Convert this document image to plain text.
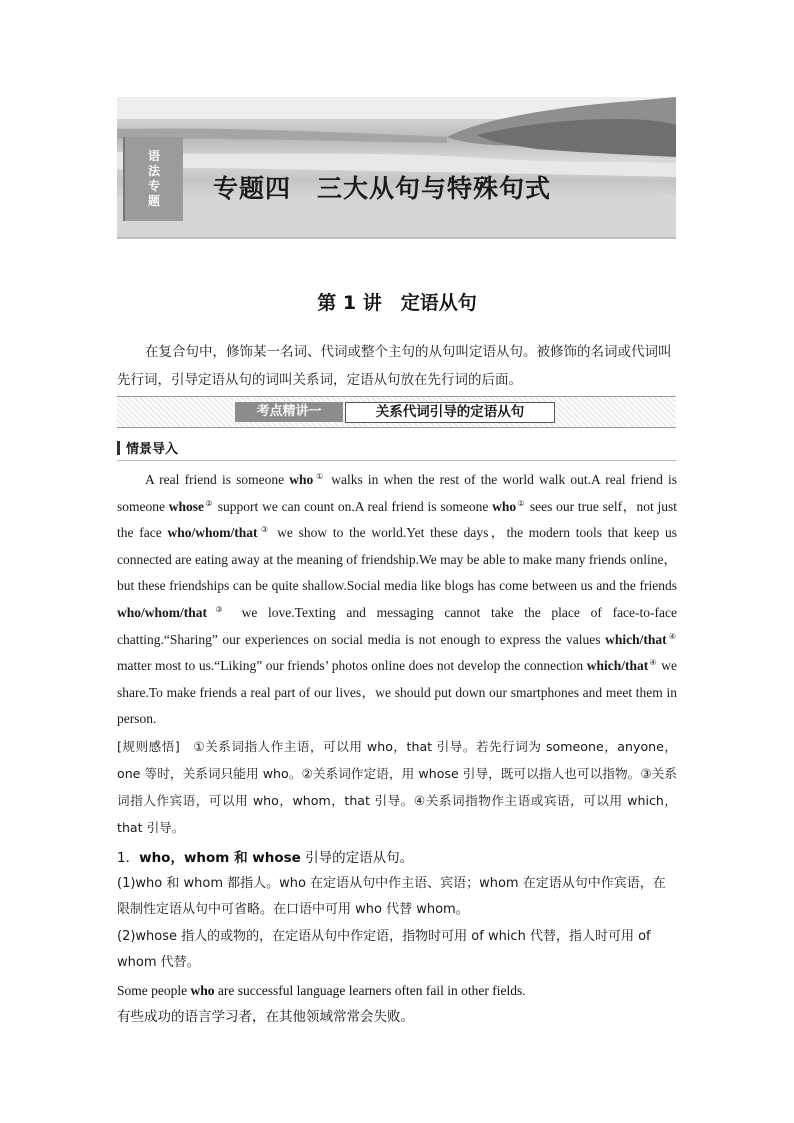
语
法
专
题 专题四　三大从句与特殊句式
第 1 讲　定语从句
在复合句中，修饰某一名词、代词或整个主句的从句叫定语从句。被修饰的名词或代词叫先行词，引导定语从句的词叫关系词，定语从句放在先行词的后面。
考点精讲一	关系代词引导的定语从句
情景导入
A real friend is someone who① walks in when the rest of the world walk out.A real friend is someone whose② support we can count on.A real friend is someone who① sees our true self，not just the face who/whom/that③ we show to the world.Yet these days，the modern tools that keep us connected are eating away at the meaning of friendship.We may be able to make many friends online，but these friendships can be quite shallow.Social media like blogs has come between us and the friends who/whom/that③ we love.Texting and messaging cannot take the place of face-to-face chatting.“Sharing” our experiences on social media is not enough to express the values which/that④ matter most to us.“Liking” our friends’ photos online does not develop the connection which/that④ we share.To make friends a real part of our lives，we should put down our smartphones and meet them in person.
[规则感悟]　①关系词指人作主语，可以用 who，that 引导。若先行词为 someone，anyone，one 等时，关系词只能用 who。②关系词作定语，用 whose 引导，既可以指人也可以指物。③关系词指人作宾语，可以用 who，whom，that 引导。④关系词指物作主语或宾语，可以用 which，that 引导。
1．who，whom 和 whose 引导的定语从句。
(1)who 和 whom 都指人。who 在定语从句中作主语、宾语；whom 在定语从句中作宾语，在限制性定语从句中可省略。在口语中可用 who 代替 whom。
(2)whose 指人的或物的，在定语从句中作定语，指物时可用 of which 代替，指人时可用 of whom 代替。
Some people who are successful language learners often fail in other fields.
有些成功的语言学习者，在其他领域常常会失败。
